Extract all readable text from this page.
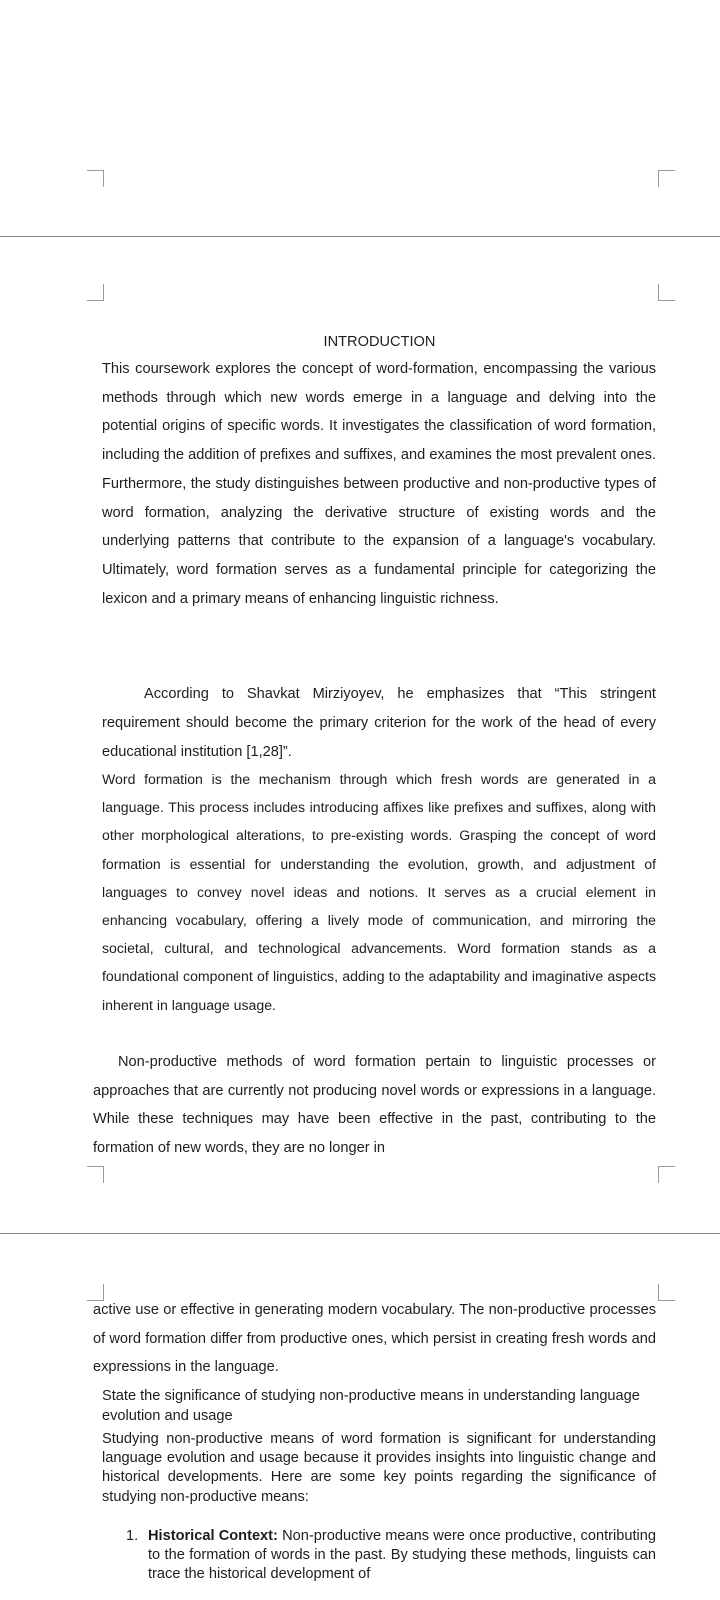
INTRODUCTION

This coursework explores the concept of word-formation, encompassing the various methods through which new words emerge in a language and delving into the potential origins of specific words. It investigates the classification of word formation, including the addition of prefixes and suffixes, and examines the most prevalent ones. Furthermore, the study distinguishes between productive and non-productive types of word formation, analyzing the derivative structure of existing words and the underlying patterns that contribute to the expansion of a language's vocabulary. Ultimately, word formation serves as a fundamental principle for categorizing the lexicon and a primary means of enhancing linguistic richness.

According to Shavkat Mirziyoyev, he emphasizes that “This stringent requirement should become the primary criterion for the work of the head of every educational institution [1,28]”.

Word formation is the mechanism through which fresh words are generated in a language. This process includes introducing affixes like prefixes and suffixes, along with other morphological alterations, to pre-existing words. Grasping the concept of word formation is essential for understanding the evolution, growth, and adjustment of languages to convey novel ideas and notions. It serves as a crucial element in enhancing vocabulary, offering a lively mode of communication, and mirroring the societal, cultural, and technological advancements. Word formation stands as a foundational component of linguistics, adding to the adaptability and imaginative aspects inherent in language usage.

Non-productive methods of word formation pertain to linguistic processes or approaches that are currently not producing novel words or expressions in a language. While these techniques may have been effective in the past, contributing to the formation of new words, they are no longer in

active use or effective in generating modern vocabulary. The non-productive processes of word formation differ from productive ones, which persist in creating fresh words and expressions in the language.

State the significance of studying non-productive means in understanding language evolution and usage

Studying non-productive means of word formation is significant for understanding language evolution and usage because it provides insights into linguistic change and historical developments. Here are some key points regarding the significance of studying non-productive means:

1. Historical Context: Non-productive means were once productive, contributing to the formation of words in the past. By studying these methods, linguists can trace the historical development of
